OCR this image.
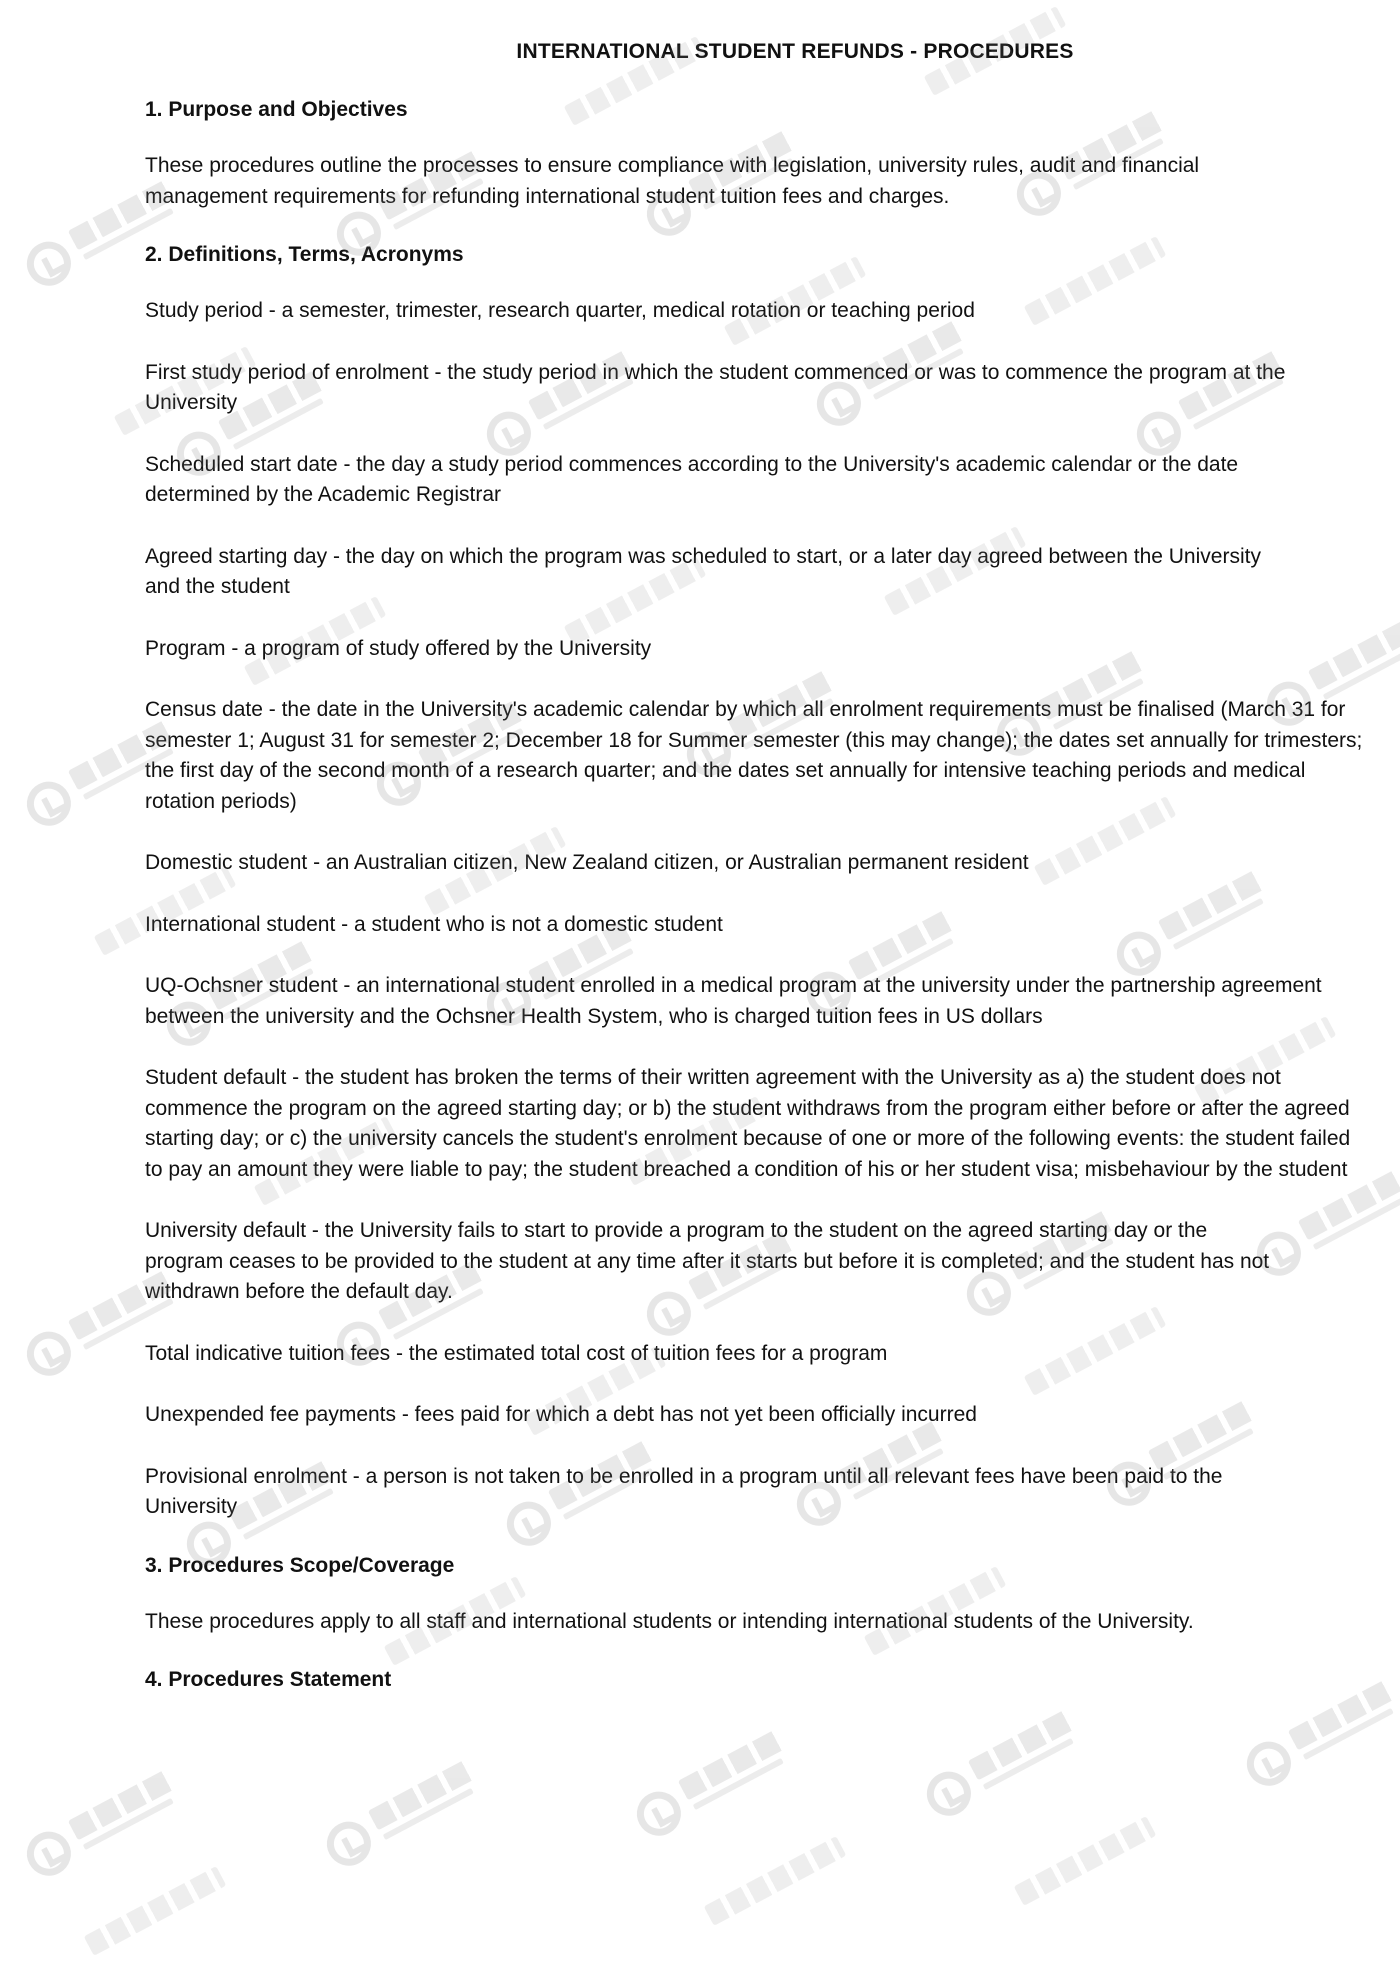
INTERNATIONAL STUDENT REFUNDS - PROCEDURES
1. Purpose and Objectives
These procedures outline the processes to ensure compliance with legislation, university rules, audit and financial management requirements for refunding international student tuition fees and charges.
2. Definitions, Terms, Acronyms
Study period - a semester, trimester, research quarter, medical rotation or teaching period
First study period of enrolment - the study period in which the student commenced or was to commence the program at the University
Scheduled start date - the day a study period commences according to the University's academic calendar or the date determined by the Academic Registrar
Agreed starting day - the day on which the program was scheduled to start, or a later day agreed between the University and the student
Program - a program of study offered by the University
Census date - the date in the University's academic calendar by which all enrolment requirements must be finalised (March 31 for semester 1; August 31 for semester 2; December 18 for Summer semester (this may change); the dates set annually for trimesters; the first day of the second month of a research quarter; and the dates set annually for intensive teaching periods and medical rotation periods)
Domestic student - an Australian citizen, New Zealand citizen, or Australian permanent resident
International student - a student who is not a domestic student
UQ-Ochsner student - an international student enrolled in a medical program at the university under the partnership agreement between the university and the Ochsner Health System, who is charged tuition fees in US dollars
Student default - the student has broken the terms of their written agreement with the University as a) the student does not commence the program on the agreed starting day; or b) the student withdraws from the program either before or after the agreed starting day; or c) the university cancels the student's enrolment because of one or more of the following events: the student failed to pay an amount they were liable to pay; the student breached a condition of his or her student visa; misbehaviour by the student
University default - the University fails to start to provide a program to the student on the agreed starting day or the program ceases to be provided to the student at any time after it starts but before it is completed; and the student has not withdrawn before the default day.
Total indicative tuition fees - the estimated total cost of tuition fees for a program
Unexpended fee payments - fees paid for which a debt has not yet been officially incurred
Provisional enrolment - a person is not taken to be enrolled in a program until all relevant fees have been paid to the University
3. Procedures Scope/Coverage
These procedures apply to all staff and international students or intending international students of the University.
4. Procedures Statement
